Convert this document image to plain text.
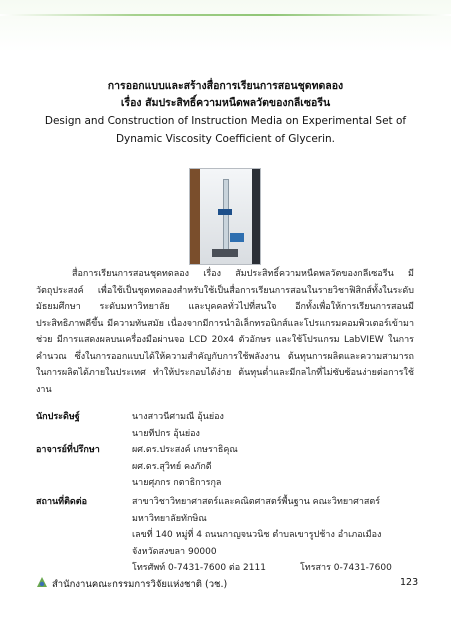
การออกแบบและสร้างสื่อการเรียนการสอนชุดทดลอง
เรื่อง สัมประสิทธิ์ความหนืดพลวัตของกลีเซอรีน
Design and Construction of Instruction Media on Experimental Set of
Dynamic Viscosity Coefficient of Glycerin.
สื่อการเรียนการสอนชุดทดลอง เรื่อง สัมประสิทธิ์ความหนืดพลวัตของกลีเซอรีน มีวัตถุประสงค์ เพื่อใช้เป็นชุดทดลองสำหรับใช้เป็นสื่อการเรียนการสอนในรายวิชาฟิสิกส์ทั้งในระดับมัธยมศึกษา ระดับมหาวิทยาลัย และบุคคลทั่วไปที่สนใจ อีกทั้งเพื่อให้การเรียนการสอนมีประสิทธิภาพดีขึ้น มีความทันสมัย เนื่องจากมีการนำอิเล็กทรอนิกส์และโปรแกรมคอมพิวเตอร์เข้ามาช่วย มีการแสดงผลบนเครื่องมือผ่านจอ LCD 20x4 ตัวอักษร และใช้โปรแกรม LabVIEW ในการคำนวณ ซึ่งในการออกแบบได้ให้ความสำคัญกับการใช้พลังงาน ต้นทุนการผลิตและความสามารถในการผลิตได้ภายในประเทศ ทำให้ประกอบได้ง่าย ต้นทุนต่ำและมีกลไกที่ไม่ซับซ้อนง่ายต่อการใช้งาน
นักประดิษฐ์	นางสาวนีศามณี อุ้นย่อง
นายทีปกร อุ้นย่อง
อาจารย์ที่ปรึกษา	ผศ.ดร.ประสงค์ เกษราธิคุณ
ผศ.ดร.สุวิทย์ คงภักดี
นายศุภกร กตาธิการกุล
สถานที่ติดต่อ	สาขาวิชาวิทยาศาสตร์และคณิตศาสตร์พื้นฐาน คณะวิทยาศาสตร์
มหาวิทยาลัยทักษิณ
เลขที่ 140 หมู่ที่ 4 ถนนกาญจนวนิช ตำบลเขารูปช้าง อำเภอเมือง
จังหวัดสงขลา 90000
โทรศัพท์ 0-7431-7600 ต่อ 2111	โทรสาร 0-7431-7600
สำนักงานคณะกรรมการวิจัยแห่งชาติ (วช.)	123
